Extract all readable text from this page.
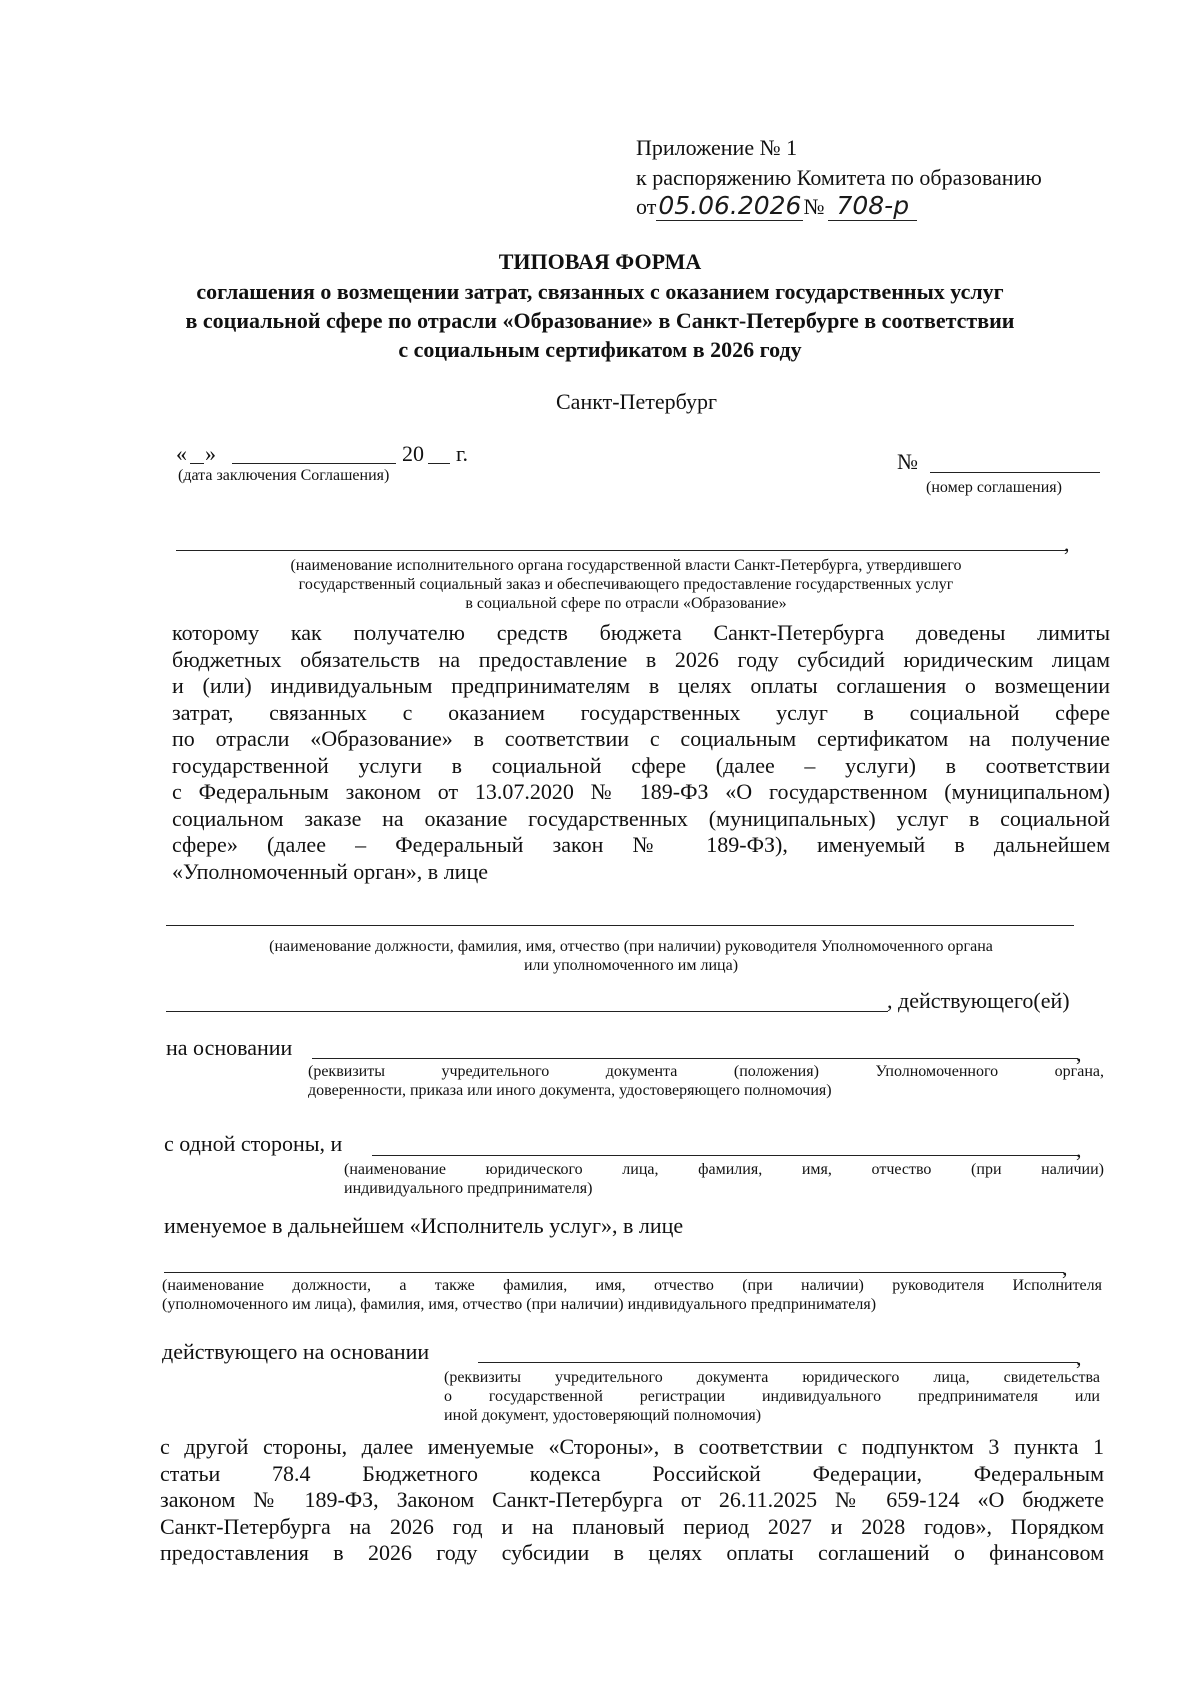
Приложение № 1
к распоряжению Комитета по образованию
от05.06.2026№ 708-р
ТИПОВАЯ ФОРМА
соглашения о возмещении затрат, связанных с оказанием государственных услуг
в социальной сфере по отрасли «Образование» в Санкт-Петербурге в соответствии
с социальным сертификатом в 2026 году
Санкт-Петербург
« »	20 г.
(дата заключения Соглашения)
№
(номер соглашения)
,

(наименование исполнительного органа государственной власти Санкт-Петербурга, утвердившего

государственный социальный заказ и обеспечивающего предоставление государственных услуг

в социальной сфере по отрасли «Образование»

которому как получателю средств бюджета Санкт-Петербурга доведены лимиты

бюджетных обязательств на предоставление в 2026 году субсидий юридическим лицам

и (или) индивидуальным предпринимателям в целях оплаты соглашения о возмещении

затрат, связанных с оказанием государственных услуг в социальной сфере

по отрасли «Образование» в соответствии с социальным сертификатом на получение

государственной услуги в социальной сфере (далее – услуги) в соответствии

с Федеральным законом от 13.07.2020 № 189-ФЗ «О государственном (муниципальном)

социальном заказе на оказание государственных (муниципальных) услуг в социальной

сфере» (далее – Федеральный закон № 189-ФЗ), именуемый в дальнейшем

«Уполномоченный орган», в лице

(наименование должности, фамилия, имя, отчество (при наличии) руководителя Уполномоченного органа

или уполномоченного им лица)

, действующего(ей)
на основании	,

(реквизиты учредительного документа (положения) Уполномоченного органа,

доверенности, приказа или иного документа, удостоверяющего полномочия)

с одной стороны, и	,

(наименование юридического лица, фамилия, имя, отчество (при наличии)

индивидуального предпринимателя)

именуемое в дальнейшем «Исполнитель услуг», в лице
,

(наименование должности, а также фамилия, имя, отчество (при наличии) руководителя Исполнителя

(уполномоченного им лица), фамилия, имя, отчество (при наличии) индивидуального предпринимателя)

действующего на основании	,

(реквизиты учредительного документа юридического лица, свидетельства

о государственной регистрации индивидуального предпринимателя или

иной документ, удостоверяющий полномочия)

с другой стороны, далее именуемые «Стороны», в соответствии с подпунктом 3 пункта 1

статьи 78.4 Бюджетного кодекса Российской Федерации, Федеральным

законом № 189-ФЗ, Законом Санкт-Петербурга от 26.11.2025 № 659-124 «О бюджете

Санкт-Петербурга на 2026 год и на плановый период 2027 и 2028 годов», Порядком

предоставления в 2026 году субсидии в целях оплаты соглашений о финансовом
